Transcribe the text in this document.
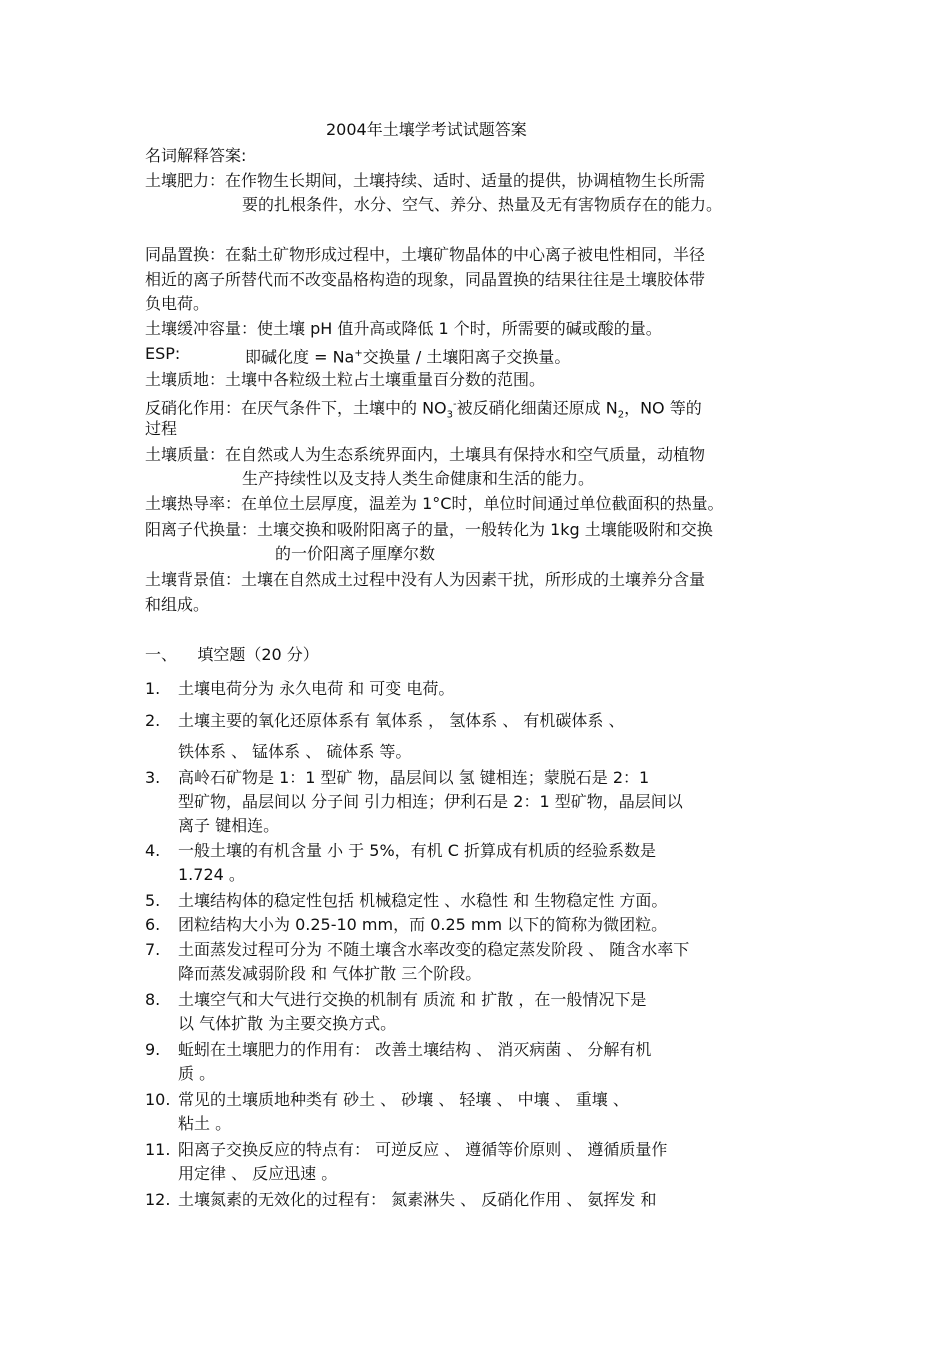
2004年土壤学考试试题答案
名词解释答案:
土壤肥力：在作物生长期间，土壤持续、适时、适量的提供，协调植物生长所需
要的扎根条件，水分、空气、养分、热量及无有害物质存在的能力。
同晶置换：在黏土矿物形成过程中，土壤矿物晶体的中心离子被电性相同，半径
相近的离子所替代而不改变晶格构造的现象，同晶置换的结果往往是土壤胶体带
负电荷。
土壤缓冲容量：使土壤 pH 值升高或降低 1 个时，所需要的碱或酸的量。
ESP:	即碱化度 = Na+交换量 / 土壤阳离子交换量。
土壤质地：土壤中各粒级土粒占土壤重量百分数的范围。
反硝化作用：在厌气条件下，土壤中的 $NO_3^-$被反硝化细菌还原成 $N_2$，NO 等的
过程
土壤质量：在自然或人为生态系统界面内，土壤具有保持水和空气质量，动植物
生产持续性以及支持人类生命健康和生活的能力。
土壤热导率：在单位土层厚度，温差为 1°C时，单位时间通过单位截面积的热量。
阳离子代换量：土壤交换和吸附阳离子的量，一般转化为 1kg 土壤能吸附和交换
的一价阳离子厘摩尔数
土壤背景值：土壤在自然成土过程中没有人为因素干扰，所形成的土壤养分含量
和组成。
一、    填空题（20 分）
1. 土壤电荷分为 永久电荷 和 可变 电荷。
2. 土壤主要的氧化还原体系有 氧体系 ， 氢体系 、 有机碳体系 、
铁体系 、 锰体系 、 硫体系 等。
3. 高岭石矿物是 1：1 型矿 物，晶层间以 氢 键相连；蒙脱石是 2：1
型矿物，晶层间以 分子间 引力相连；伊利石是 2：1 型矿物，晶层间以
离子 键相连。
4. 一般土壤的有机含量 小 于 5%，有机 C 折算成有机质的经验系数是
1.724 。
5. 土壤结构体的稳定性包括 机械稳定性 、水稳性 和 生物稳定性 方面。
6. 团粒结构大小为 0.25-10 mm，而 0.25 mm 以下的简称为微团粒。
7. 土面蒸发过程可分为 不随土壤含水率改变的稳定蒸发阶段 、 随含水率下
降而蒸发减弱阶段 和 气体扩散 三个阶段。
8. 土壤空气和大气进行交换的机制有 质流 和 扩散 ，在一般情况下是
以 气体扩散 为主要交换方式。
9. 蚯蚓在土壤肥力的作用有： 改善土壤结构 、 消灭病菌 、 分解有机
质 。
10. 常见的土壤质地种类有 砂土 、 砂壤 、 轻壤 、 中壤 、 重壤 、
粘土 。
11. 阳离子交换反应的特点有： 可逆反应 、 遵循等价原则 、 遵循质量作
用定律 、 反应迅速 。
12. 土壤氮素的无效化的过程有： 氮素淋失 、 反硝化作用 、 氨挥发 和
